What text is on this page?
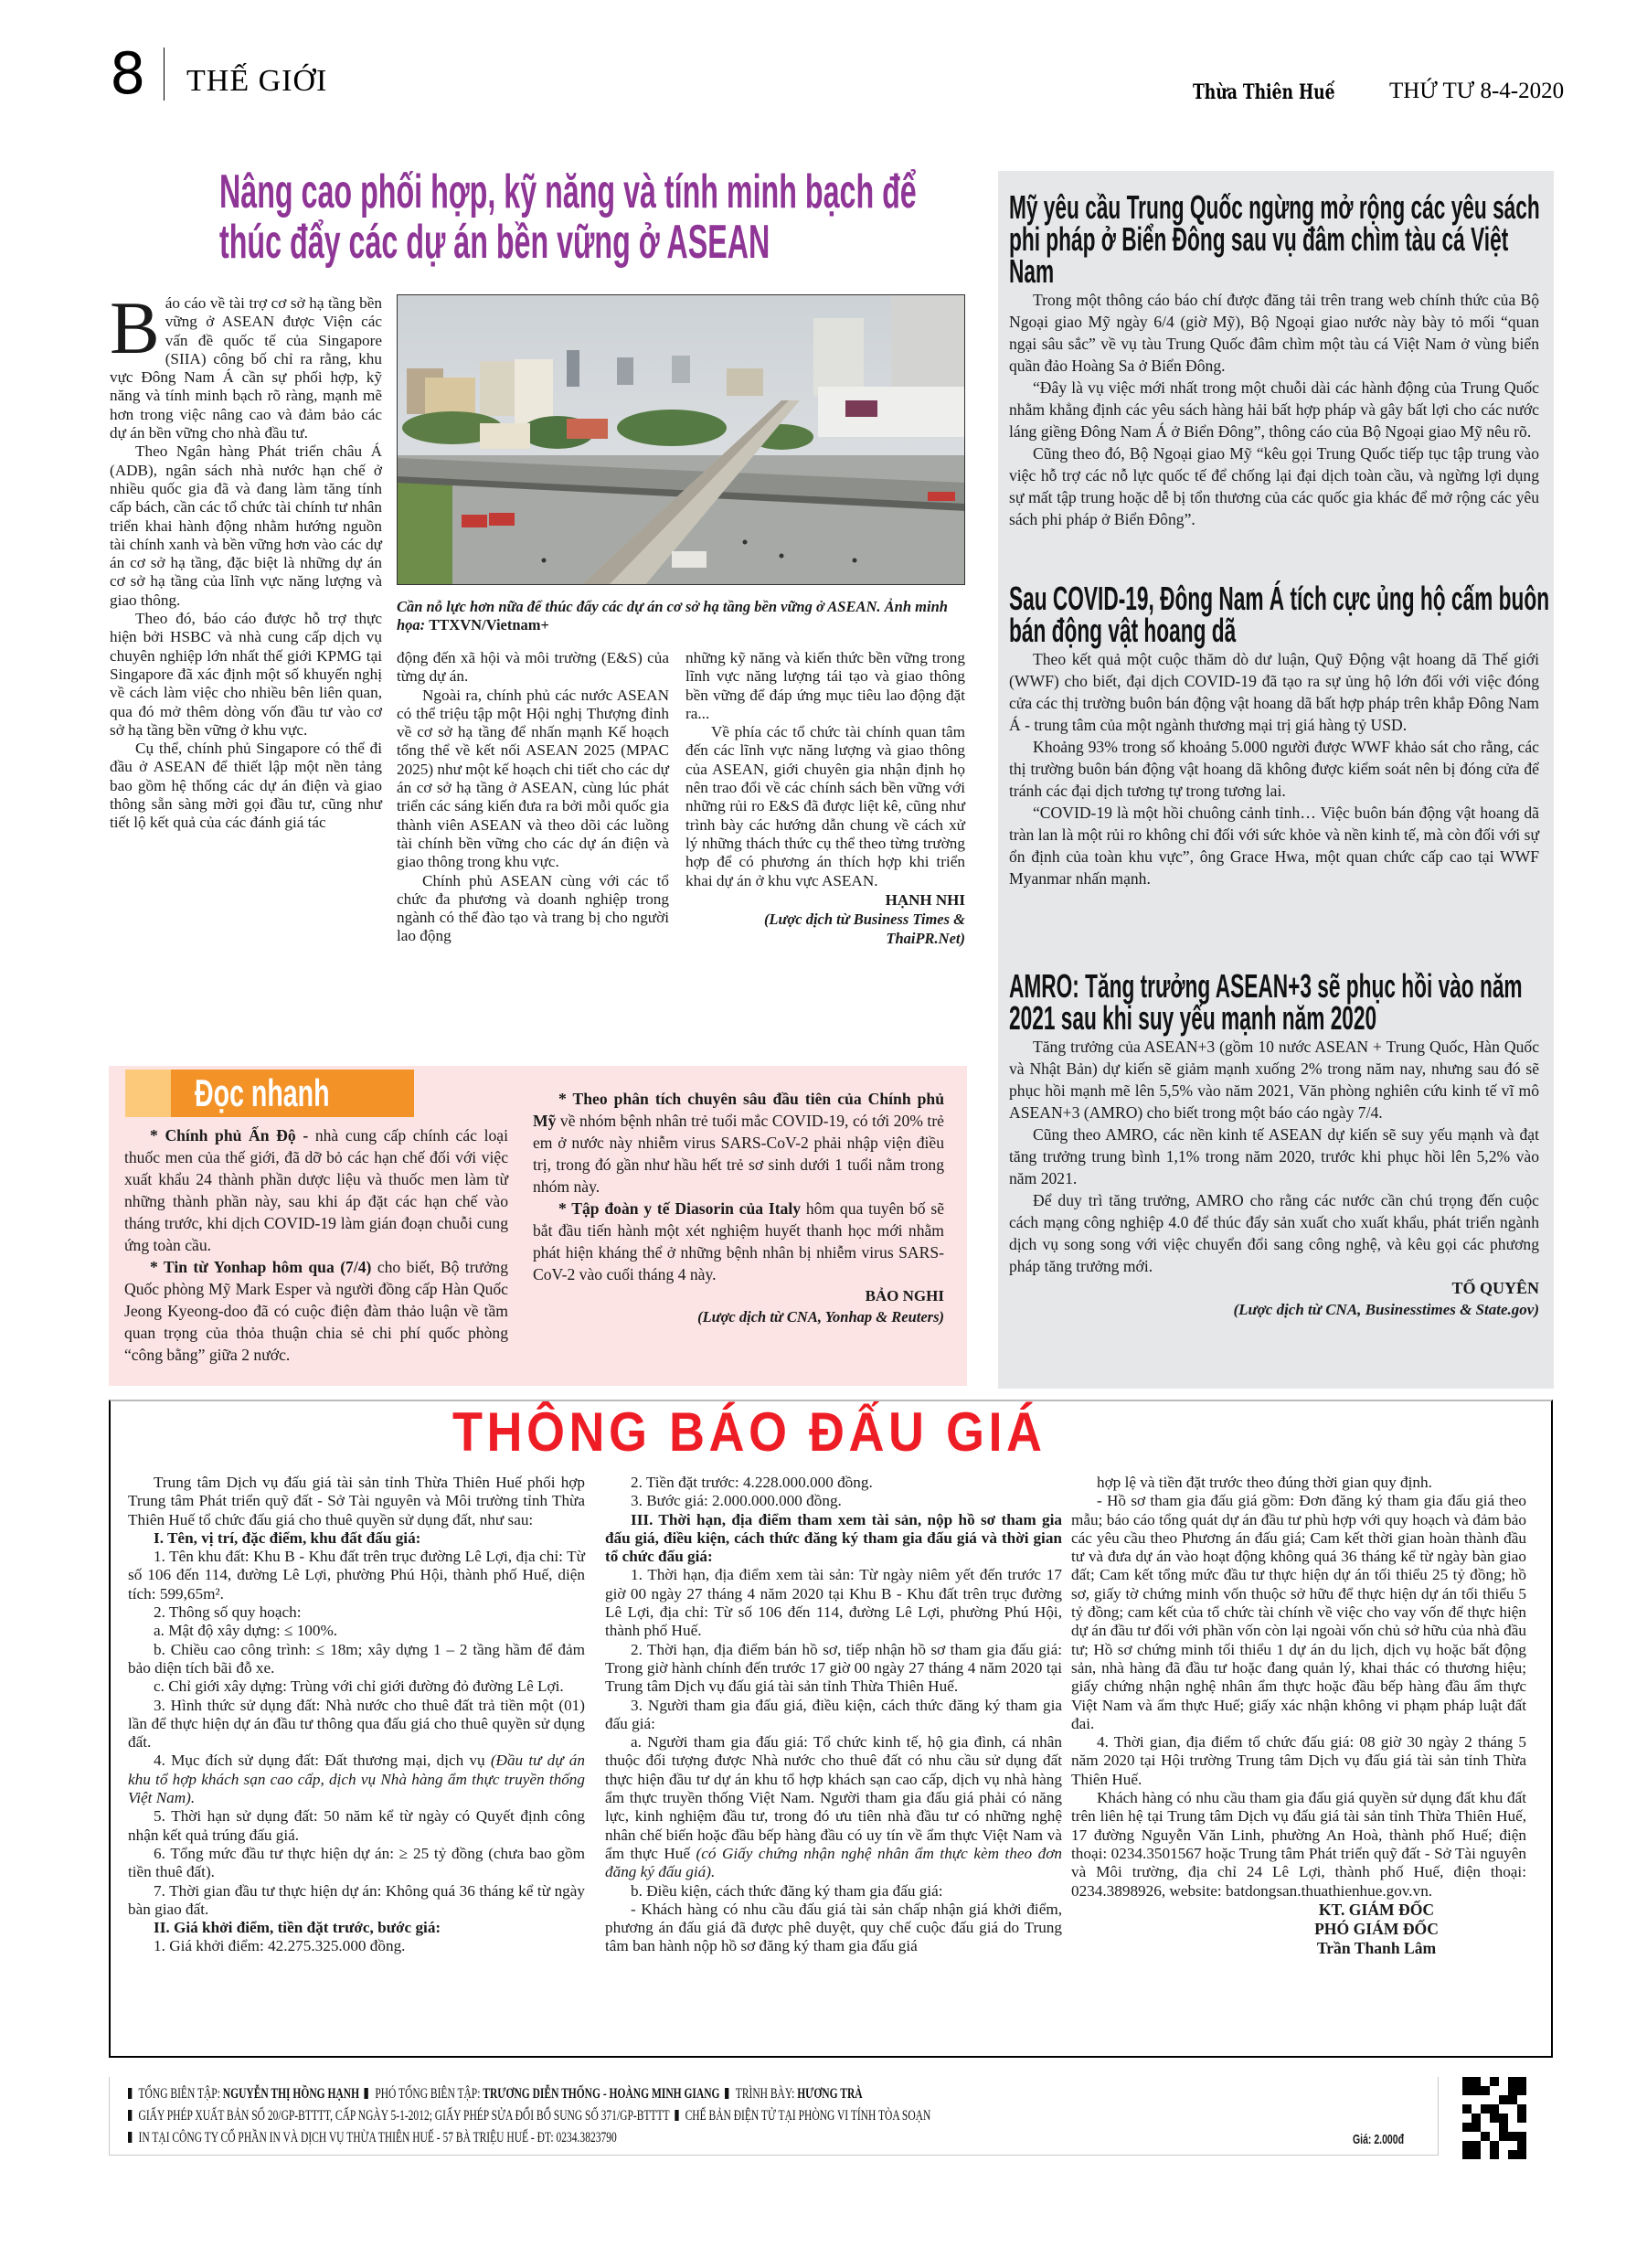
8 THẾ GIỚI	Thừa Thiên Huế THỨ TƯ 8-4-2020
Nâng cao phối hợp, kỹ năng và tính minh bạch để thúc đẩy các dự án bền vững ở ASEAN

Báo cáo về tài trợ cơ sở hạ tầng bền vững ở ASEAN được Viện các vấn đề quốc tế của Singapore (SIIA) công bố chỉ ra rằng, khu vực Đông Nam Á cần sự phối hợp, kỹ năng và tính minh bạch rõ ràng, mạnh mẽ hơn trong việc nâng cao và đảm bảo các dự án bền vững cho nhà đầu tư.

Theo Ngân hàng Phát triển châu Á (ADB), ngân sách nhà nước hạn chế ở nhiều quốc gia đã và đang làm tăng tính cấp bách, cần các tổ chức tài chính tư nhân triển khai hành động nhằm hướng nguồn tài chính xanh và bền vững hơn vào các dự án cơ sở hạ tầng, đặc biệt là những dự án cơ sở hạ tầng của lĩnh vực năng lượng và giao thông.

Theo đó, báo cáo được hỗ trợ thực hiện bởi HSBC và nhà cung cấp dịch vụ chuyên nghiệp lớn nhất thế giới KPMG tại Singapore đã xác định một số khuyến nghị về cách làm việc cho nhiều bên liên quan, qua đó mở thêm dòng vốn đầu tư vào cơ sở hạ tầng bền vững ở khu vực.

Cụ thể, chính phủ Singapore có thể đi đầu ở ASEAN để thiết lập một nền tảng bao gồm hệ thống các dự án điện và giao thông sẵn sàng mời gọi đầu tư, cũng như tiết lộ kết quả của các đánh giá tác

Cần nỗ lực hơn nữa để thúc đẩy các dự án cơ sở hạ tầng bền vững ở ASEAN. Ảnh minh họa: TTXVN/Vietnam+

động đến xã hội và môi trường (E&S) của từng dự án.

Ngoài ra, chính phủ các nước ASEAN có thể triệu tập một Hội nghị Thượng đỉnh về cơ sở hạ tầng để nhấn mạnh Kế hoạch tổng thể về kết nối ASEAN 2025 (MPAC 2025) như một kế hoạch chi tiết cho các dự án cơ sở hạ tầng ở ASEAN, cùng lúc phát triển các sáng kiến đưa ra bởi mỗi quốc gia thành viên ASEAN và theo dõi các luồng tài chính bền vững cho các dự án điện và giao thông trong khu vực.

Chính phủ ASEAN cùng với các tổ chức đa phương và doanh nghiệp trong ngành có thể đào tạo và trang bị cho người lao động

những kỹ năng và kiến thức bền vững trong lĩnh vực năng lượng tái tạo và giao thông bền vững để đáp ứng mục tiêu lao động đặt ra...

Về phía các tổ chức tài chính quan tâm đến các lĩnh vực năng lượng và giao thông của ASEAN, giới chuyên gia nhận định họ nên trao đổi về các chính sách bền vững với những rủi ro E&S đã được liệt kê, cũng như trình bày các hướng dẫn chung về cách xử lý những thách thức cụ thể theo từng trường hợp để có phương án thích hợp khi triển khai dự án ở khu vực ASEAN.

HẠNH NHI
(Lược dịch từ Business Times & ThaiPR.Net)
Mỹ yêu cầu Trung Quốc ngừng mở rộng các yêu sách phi pháp ở Biển Đông sau vụ đâm chìm tàu cá Việt Nam

Trong một thông cáo báo chí được đăng tải trên trang web chính thức của Bộ Ngoại giao Mỹ ngày 6/4 (giờ Mỹ), Bộ Ngoại giao nước này bày tỏ mối “quan ngại sâu sắc” về vụ tàu Trung Quốc đâm chìm một tàu cá Việt Nam ở vùng biển quần đảo Hoàng Sa ở Biển Đông.

“Đây là vụ việc mới nhất trong một chuỗi dài các hành động của Trung Quốc nhằm khẳng định các yêu sách hàng hải bất hợp pháp và gây bất lợi cho các nước láng giềng Đông Nam Á ở Biển Đông”, thông cáo của Bộ Ngoại giao Mỹ nêu rõ.

Cũng theo đó, Bộ Ngoại giao Mỹ “kêu gọi Trung Quốc tiếp tục tập trung vào việc hỗ trợ các nỗ lực quốc tế để chống lại đại dịch toàn cầu, và ngừng lợi dụng sự mất tập trung hoặc dễ bị tổn thương của các quốc gia khác để mở rộng các yêu sách phi pháp ở Biển Đông”.

Sau COVID-19, Đông Nam Á tích cực ủng hộ cấm buôn bán động vật hoang dã

Theo kết quả một cuộc thăm dò dư luận, Quỹ Động vật hoang dã Thế giới (WWF) cho biết, đại dịch COVID-19 đã tạo ra sự ủng hộ lớn đối với việc đóng cửa các thị trường buôn bán động vật hoang dã bất hợp pháp trên khắp Đông Nam Á - trung tâm của một ngành thương mại trị giá hàng tỷ USD.

Khoảng 93% trong số khoảng 5.000 người được WWF khảo sát cho rằng, các thị trường buôn bán động vật hoang dã không được kiểm soát nên bị đóng cửa để tránh các đại dịch tương tự trong tương lai.

“COVID-19 là một hồi chuông cảnh tỉnh… Việc buôn bán động vật hoang dã tràn lan là một rủi ro không chỉ đối với sức khỏe và nền kinh tế, mà còn đối với sự ổn định của toàn khu vực”, ông Grace Hwa, một quan chức cấp cao tại WWF Myanmar nhấn mạnh.

AMRO: Tăng trưởng ASEAN+3 sẽ phục hồi vào năm 2021 sau khi suy yếu mạnh năm 2020

Tăng trưởng của ASEAN+3 (gồm 10 nước ASEAN + Trung Quốc, Hàn Quốc và Nhật Bản) dự kiến sẽ giảm mạnh xuống 2% trong năm nay, nhưng sau đó sẽ phục hồi mạnh mẽ lên 5,5% vào năm 2021, Văn phòng nghiên cứu kinh tế vĩ mô ASEAN+3 (AMRO) cho biết trong một báo cáo ngày 7/4.

Cũng theo AMRO, các nền kinh tế ASEAN dự kiến sẽ suy yếu mạnh và đạt tăng trưởng trung bình 1,1% trong năm 2020, trước khi phục hồi lên 5,2% vào năm 2021.

Để duy trì tăng trưởng, AMRO cho rằng các nước cần chú trọng đến cuộc cách mạng công nghiệp 4.0 để thúc đẩy sản xuất cho xuất khẩu, phát triển ngành dịch vụ song song với việc chuyển đổi sang công nghệ, và kêu gọi các phương pháp tăng trưởng mới.

TỐ QUYÊN
(Lược dịch từ CNA, Businesstimes & State.gov)
Đọc nhanh

* Chính phủ Ấn Độ - nhà cung cấp chính các loại thuốc men của thế giới, đã dỡ bỏ các hạn chế đối với việc xuất khẩu 24 thành phần dược liệu và thuốc men làm từ những thành phần này, sau khi áp đặt các hạn chế vào tháng trước, khi dịch COVID-19 làm gián đoạn chuỗi cung ứng toàn cầu.

* Tin từ Yonhap hôm qua (7/4) cho biết, Bộ trưởng Quốc phòng Mỹ Mark Esper và người đồng cấp Hàn Quốc Jeong Kyeong-doo đã có cuộc điện đàm thảo luận về tầm quan trọng của thỏa thuận chia sẻ chi phí quốc phòng “công bằng” giữa 2 nước.

* Theo phân tích chuyên sâu đầu tiên của Chính phủ Mỹ về nhóm bệnh nhân trẻ tuổi mắc COVID-19, có tới 20% trẻ em ở nước này nhiễm virus SARS-CoV-2 phải nhập viện điều trị, trong đó gần như hầu hết trẻ sơ sinh dưới 1 tuổi nằm trong nhóm này.

* Tập đoàn y tế Diasorin của Italy hôm qua tuyên bố sẽ bắt đầu tiến hành một xét nghiệm huyết thanh học mới nhằm phát hiện kháng thể ở những bệnh nhân bị nhiễm virus SARS-CoV-2 vào cuối tháng 4 này.

BẢO NGHI
(Lược dịch từ CNA, Yonhap & Reuters)
THÔNG BÁO ĐẤU GIÁ

Trung tâm Dịch vụ đấu giá tài sản tỉnh Thừa Thiên Huế phối hợp Trung tâm Phát triển quỹ đất - Sở Tài nguyên và Môi trường tỉnh Thừa Thiên Huế tổ chức đấu giá cho thuê quyền sử dụng đất, như sau:

I. Tên, vị trí, đặc điểm, khu đất đấu giá:

1. Tên khu đất: Khu B - Khu đất trên trục đường Lê Lợi, địa chỉ: Từ số 106 đến 114, đường Lê Lợi, phường Phú Hội, thành phố Huế, diện tích: 599,65m².

2. Thông số quy hoạch:

a. Mật độ xây dựng: ≤ 100%.

b. Chiều cao công trình: ≤ 18m; xây dựng 1 – 2 tầng hầm để đảm bảo diện tích bãi đỗ xe.

c. Chỉ giới xây dựng: Trùng với chỉ giới đường đỏ đường Lê Lợi.

3. Hình thức sử dụng đất: Nhà nước cho thuê đất trả tiền một (01) lần để thực hiện dự án đầu tư thông qua đấu giá cho thuê quyền sử dụng đất.

4. Mục đích sử dụng đất: Đất thương mại, dịch vụ (Đầu tư dự án khu tổ hợp khách sạn cao cấp, dịch vụ Nhà hàng ẩm thực truyền thống Việt Nam).

5. Thời hạn sử dụng đất: 50 năm kể từ ngày có Quyết định công nhận kết quả trúng đấu giá.

6. Tổng mức đầu tư thực hiện dự án: ≥ 25 tỷ đồng (chưa bao gồm tiền thuê đất).

7. Thời gian đầu tư thực hiện dự án: Không quá 36 tháng kể từ ngày bàn giao đất.

II. Giá khởi điểm, tiền đặt trước, bước giá:

1. Giá khởi điểm: 42.275.325.000 đồng.

2. Tiền đặt trước: 4.228.000.000 đồng.

3. Bước giá: 2.000.000.000 đồng.

III. Thời hạn, địa điểm tham xem tài sản, nộp hồ sơ tham gia đấu giá, điều kiện, cách thức đăng ký tham gia đấu giá và thời gian tổ chức đấu giá:

1. Thời hạn, địa điểm xem tài sản: Từ ngày niêm yết đến trước 17 giờ 00 ngày 27 tháng 4 năm 2020 tại Khu B - Khu đất trên trục đường Lê Lợi, địa chỉ: Từ số 106 đến 114, đường Lê Lợi, phường Phú Hội, thành phố Huế.

2. Thời hạn, địa điểm bán hồ sơ, tiếp nhận hồ sơ tham gia đấu giá: Trong giờ hành chính đến trước 17 giờ 00 ngày 27 tháng 4 năm 2020 tại Trung tâm Dịch vụ đấu giá tài sản tỉnh Thừa Thiên Huế.

3. Người tham gia đấu giá, điều kiện, cách thức đăng ký tham gia đấu giá:

a. Người tham gia đấu giá: Tổ chức kinh tế, hộ gia đình, cá nhân thuộc đối tượng được Nhà nước cho thuê đất có nhu cầu sử dụng đất thực hiện đầu tư dự án khu tổ hợp khách sạn cao cấp, dịch vụ nhà hàng ẩm thực truyền thống Việt Nam. Người tham gia đấu giá phải có năng lực, kinh nghiệm đầu tư, trong đó ưu tiên nhà đầu tư có những nghệ nhân chế biến hoặc đầu bếp hàng đầu có uy tín về ẩm thực Việt Nam và ẩm thực Huế (có Giấy chứng nhận nghệ nhân ẩm thực kèm theo đơn đăng ký đấu giá).

b. Điều kiện, cách thức đăng ký tham gia đấu giá:

- Khách hàng có nhu cầu đấu giá tài sản chấp nhận giá khởi điểm, phương án đấu giá đã được phê duyệt, quy chế cuộc đấu giá do Trung tâm ban hành nộp hồ sơ đăng ký tham gia đấu giá

hợp lệ và tiền đặt trước theo đúng thời gian quy định.

- Hồ sơ tham gia đấu giá gồm: Đơn đăng ký tham gia đấu giá theo mẫu; báo cáo tổng quát dự án đầu tư phù hợp với quy hoạch và đảm bảo các yêu cầu theo Phương án đấu giá; Cam kết thời gian hoàn thành đầu tư và đưa dự án vào hoạt động không quá 36 tháng kể từ ngày bàn giao đất; Cam kết tổng mức đầu tư thực hiện dự án tối thiểu 25 tỷ đồng; hồ sơ, giấy tờ chứng minh vốn thuộc sở hữu để thực hiện dự án tối thiểu 5 tỷ đồng; cam kết của tổ chức tài chính về việc cho vay vốn để thực hiện dự án đầu tư đối với phần vốn còn lại ngoài vốn chủ sở hữu của nhà đầu tư; Hồ sơ chứng minh tối thiểu 1 dự án du lịch, dịch vụ hoặc bất động sản, nhà hàng đã đầu tư hoặc đang quản lý, khai thác có thương hiệu; giấy chứng nhận nghệ nhân ẩm thực hoặc đầu bếp hàng đầu ẩm thực Việt Nam và ẩm thực Huế; giấy xác nhận không vi phạm pháp luật đất đai.

4. Thời gian, địa điểm tổ chức đấu giá: 08 giờ 30 ngày 2 tháng 5 năm 2020 tại Hội trường Trung tâm Dịch vụ đấu giá tài sản tỉnh Thừa Thiên Huế.

Khách hàng có nhu cầu tham gia đấu giá quyền sử dụng đất khu đất trên liên hệ tại Trung tâm Dịch vụ đấu giá tài sản tỉnh Thừa Thiên Huế, 17 đường Nguyễn Văn Linh, phường An Hoà, thành phố Huế; điện thoại: 0234.3501567 hoặc Trung tâm Phát triển quỹ đất - Sở Tài nguyên và Môi trường, địa chỉ 24 Lê Lợi, thành phố Huế, điện thoại: 0234.3898926, website: batdongsan.thuathienhue.gov.vn.

KT. GIÁM ĐỐC
PHÓ GIÁM ĐỐC
Trần Thanh Lâm
TỔNG BIÊN TẬP: NGUYỄN THỊ HỒNG HẠNH PHÓ TỔNG BIÊN TẬP: TRƯƠNG DIỄN THỐNG - HOÀNG MINH GIANG TRÌNH BÀY: HƯƠNG TRÀ
GIẤY PHÉP XUẤT BẢN SỐ 20/GP-BTTTT, CẤP NGÀY 5-1-2012; GIẤY PHÉP SỬA ĐỔI BỔ SUNG SỐ 371/GP-BTTTT CHẾ BẢN ĐIỆN TỬ TẠI PHÒNG VI TÍNH TÒA SOẠN
IN TẠI CÔNG TY CỔ PHẦN IN VÀ DỊCH VỤ THỪA THIÊN HUẾ - 57 BÀ TRIỆU HUẾ - ĐT: 0234.3823790	Giá: 2.000đ
